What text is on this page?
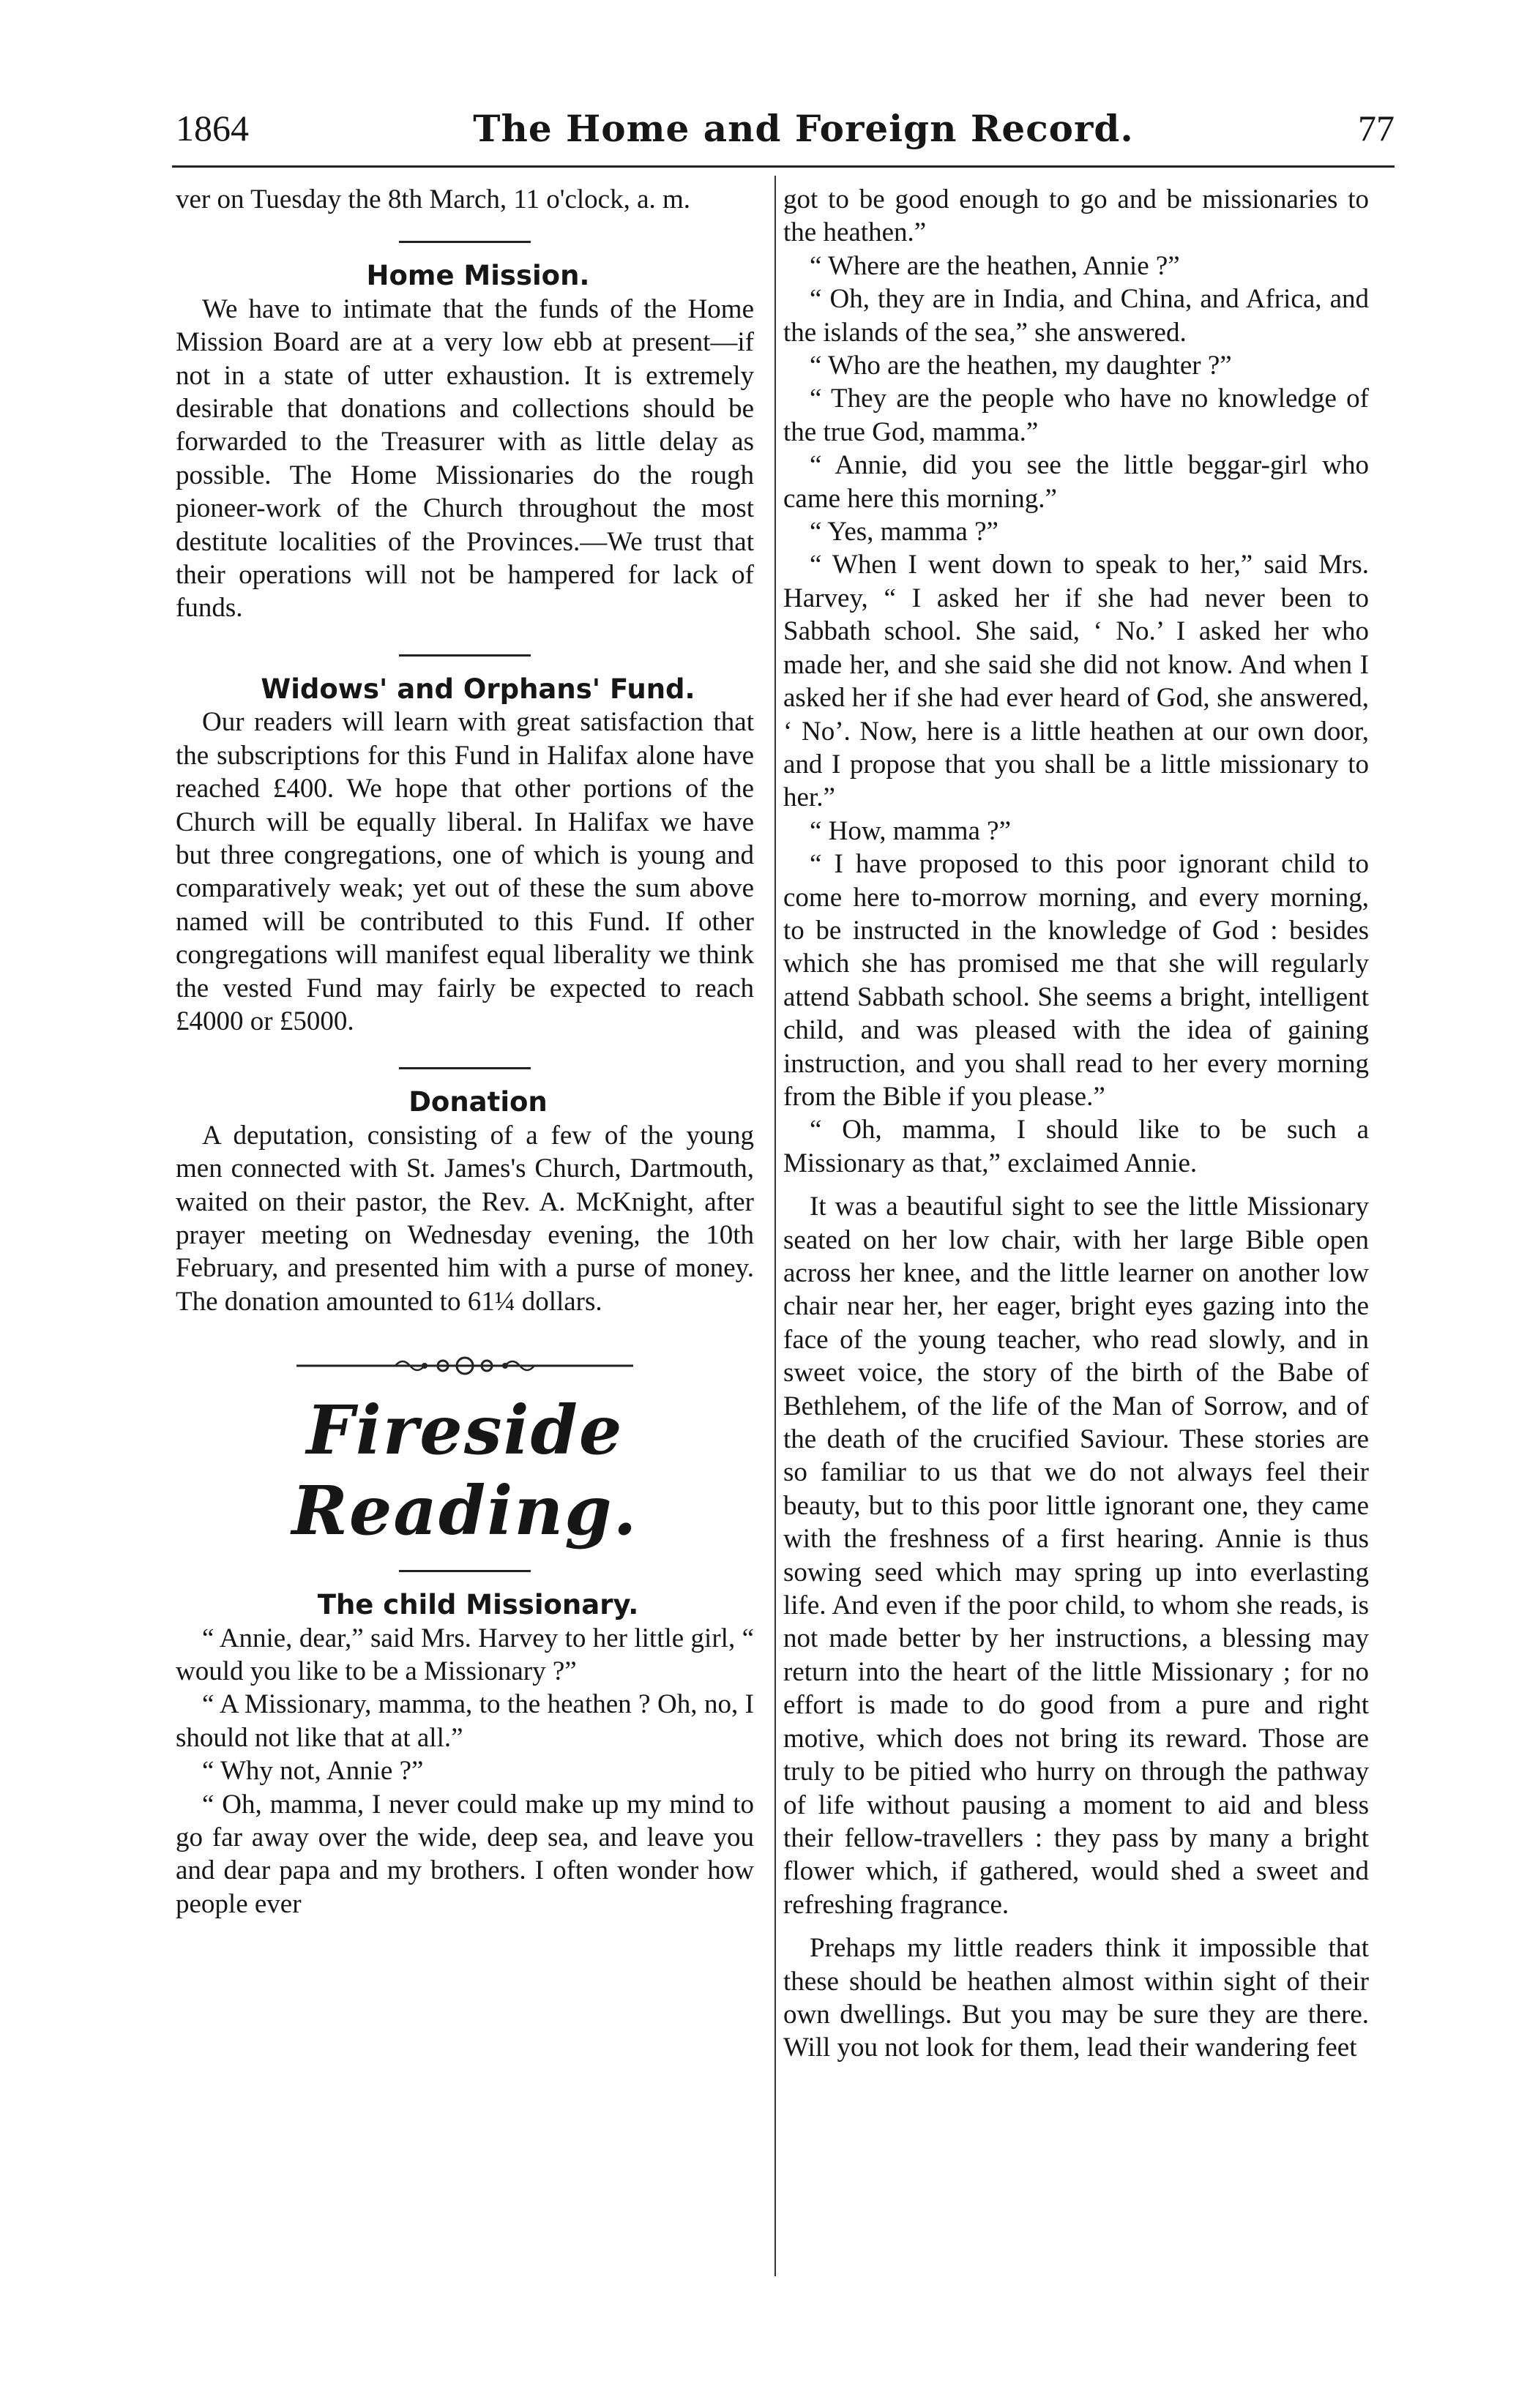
1864	The Home and Foreign Record.	77

ver on Tuesday the 8th March, 11 o'clock, a. m.

Home Mission.

We have to intimate that the funds of the Home Mission Board are at a very low ebb at present—if not in a state of utter exhaustion. It is extremely desirable that donations and collections should be forwarded to the Treasurer with as little delay as possible. The Home Missionaries do the rough pioneer-work of the Church throughout the most destitute localities of the Provinces.—We trust that their operations will not be hampered for lack of funds.

Widows' and Orphans' Fund.

Our readers will learn with great satisfaction that the subscriptions for this Fund in Halifax alone have reached £400. We hope that other portions of the Church will be equally liberal. In Halifax we have but three congregations, one of which is young and comparatively weak; yet out of these the sum above named will be contributed to this Fund. If other congregations will manifest equal liberality we think the vested Fund may fairly be expected to reach £4000 or £5000.

Donation

A deputation, consisting of a few of the young men connected with St. James's Church, Dartmouth, waited on their pastor, the Rev. A. McKnight, after prayer meeting on Wednesday evening, the 10th February, and presented him with a purse of money. The donation amounted to 61¼ dollars.

Fireside Reading.

The child Missionary.

“ Annie, dear,” said Mrs. Harvey to her little girl, “ would you like to be a Missionary ?”

“ A Missionary, mamma, to the heathen ? Oh, no, I should not like that at all.”

“ Why not, Annie ?”

“ Oh, mamma, I never could make up my mind to go far away over the wide, deep sea, and leave you and dear papa and my brothers. I often wonder how people ever

got to be good enough to go and be missionaries to the heathen.”

“ Where are the heathen, Annie ?”

“ Oh, they are in India, and China, and Africa, and the islands of the sea,” she answered.

“ Who are the heathen, my daughter ?”

“ They are the people who have no knowledge of the true God, mamma.”

“ Annie, did you see the little beggar-girl who came here this morning.”

“ Yes, mamma ?”

“ When I went down to speak to her,” said Mrs. Harvey, “ I asked her if she had never been to Sabbath school. She said, ‘ No.’ I asked her who made her, and she said she did not know. And when I asked her if she had ever heard of God, she answered, ‘ No’. Now, here is a little heathen at our own door, and I propose that you shall be a little missionary to her.”

“ How, mamma ?”

“ I have proposed to this poor ignorant child to come here to-morrow morning, and every morning, to be instructed in the knowledge of God : besides which she has promised me that she will regularly attend Sabbath school. She seems a bright, intelligent child, and was pleased with the idea of gaining instruction, and you shall read to her every morning from the Bible if you please.”

“ Oh, mamma, I should like to be such a Missionary as that,” exclaimed Annie.

It was a beautiful sight to see the little Missionary seated on her low chair, with her large Bible open across her knee, and the little learner on another low chair near her, her eager, bright eyes gazing into the face of the young teacher, who read slowly, and in sweet voice, the story of the birth of the Babe of Bethlehem, of the life of the Man of Sorrow, and of the death of the crucified Saviour. These stories are so familiar to us that we do not always feel their beauty, but to this poor little ignorant one, they came with the freshness of a first hearing. Annie is thus sowing seed which may spring up into everlasting life. And even if the poor child, to whom she reads, is not made better by her instructions, a blessing may return into the heart of the little Missionary ; for no effort is made to do good from a pure and right motive, which does not bring its reward. Those are truly to be pitied who hurry on through the pathway of life without pausing a moment to aid and bless their fellow-travellers : they pass by many a bright flower which, if gathered, would shed a sweet and refreshing fragrance.

Prehaps my little readers think it impossible that these should be heathen almost within sight of their own dwellings. But you may be sure they are there. Will you not look for them, lead their wandering feet
